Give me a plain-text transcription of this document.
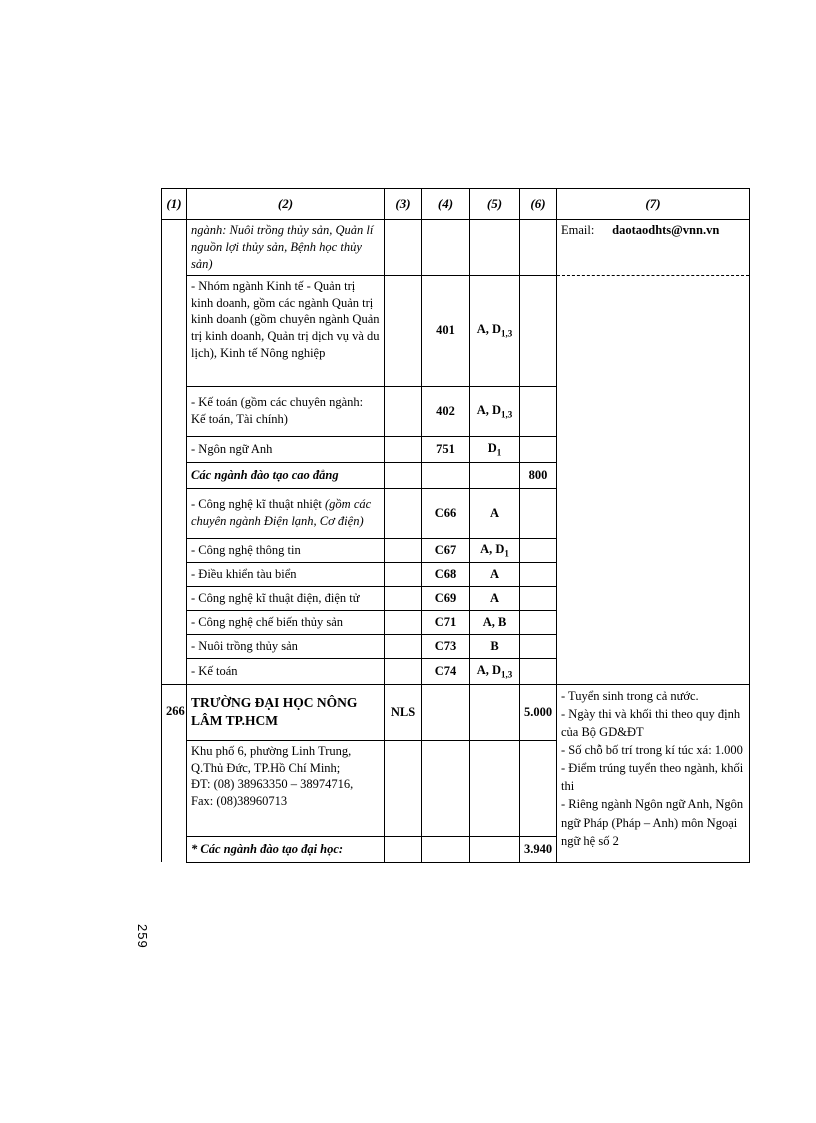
(1)	(2)	(3)	(4)	(5)	(6)	(7)
	ngành: Nuôi trồng thủy sản, Quản lí nguồn lợi thủy sản, Bệnh học thủy sản)					Email: daotaodhts@vnn.vn
	- Nhóm ngành Kinh tế - Quản trị kinh doanh, gồm các ngành Quản trị kinh doanh (gồm chuyên ngành Quản trị kinh doanh, Quản trị dịch vụ và du lịch), Kinh tế Nông nghiệp		401	A, $D_{1,3}$		
	- Kế toán (gồm các chuyên ngành: Kế toán, Tài chính)		402	A, $D_{1,3}$	
	- Ngôn ngữ Anh		751	$D_1$	
	Các ngành đào tạo cao đẳng				800	
	- Công nghệ kĩ thuật nhiệt (gồm các chuyên ngành Điện lạnh, Cơ điện)		C66	A		
	- Công nghệ thông tin		C67	A, $D_1$	
	- Điều khiển tàu biển		C68	A		
	- Công nghệ kĩ thuật điện, điện tử		C69	A		
	- Công nghệ chế biến thủy sản		C71	A, B		
	- Nuôi trồng thủy sản		C73	B		
	- Kế toán		C74	A, $D_{1,3}$	
266	TRƯỜNG ĐẠI HỌC NÔNG LÂM TP.HCM	NLS			5.000	- Tuyển sinh trong cả nước.

- Ngày thi và khối thi theo quy định của Bộ GD&ĐT

- Số chỗ bố trí trong kí túc xá: 1.000

- Điểm trúng tuyển theo ngành, khối thi

- Riêng ngành Ngôn ngữ Anh, Ngôn ngữ Pháp (Pháp – Anh) môn Ngoại ngữ hệ số 2

	Khu phố 6, phường Linh Trung, Q.Thủ Đức, TP.Hồ Chí Minh;

ĐT: (08) 38963350 – 38974716,

Fax: (08)38960713					

	* Các ngành đào tạo đại học:				3.940	
259
